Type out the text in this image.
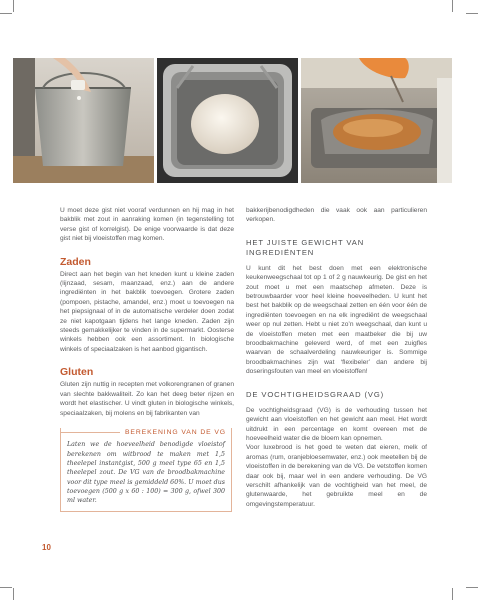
U moet deze gist niet vooraf verdunnen en hij mag in het bakblik met zout in aanraking komen (in tegenstelling tot verse gist of korrelgist). De enige voorwaarde is dat deze gist niet bij vloeistoffen mag komen.

Zaden

Direct aan het begin van het kneden kunt u kleine zaden (lijnzaad, sesam, maanzaad, enz.) aan de andere ingrediënten in het bakblik toevoegen. Grotere zaden (pompoen, pistache, amandel, enz.) moet u toevoegen na het piepsignaal of in de automatische verdeler doen zodat ze niet kapotgaan tijdens het lange kneden. Zaden zijn steeds gemakkelijker te vinden in de supermarkt. Oosterse winkels hebben ook een assortiment. In biologische winkels of speciaalzaken is het aanbod gigantisch.

Gluten

Gluten zijn nuttig in recepten met volkorengranen of granen van slechte bakkwaliteit. Zo kan het deeg beter rijzen en wordt het elastischer. U vindt gluten in biologische winkels, speciaalzaken, bij molens en bij fabrikanten van

BEREKENING VAN DE VG

Laten we de hoeveelheid benodigde vloeistof berekenen om witbrood te maken met 1,5 theelepel instantgist, 500 g meel type 65 en 1,5 theelepel zout. De VG van de broodbakmachine voor dit type meel is gemiddeld 60%. U moet dus toevoegen (500 g x 60 : 100) = 300 g, ofwel 300 ml water.

bakkerijbenodigdheden die vaak ook aan particulieren verkopen.

HET JUISTE GEWICHT VAN INGREDIËNTEN

U kunt dit het best doen met een elektronische keukenweegschaal tot op 1 of 2 g nauwkeurig. De gist en het zout moet u met een maatschep afmeten. Deze is betrouwbaarder voor heel kleine hoeveelheden. U kunt het best het bakblik op de weegschaal zetten en één voor één de ingrediënten toevoegen en na elk ingrediënt de weegschaal weer op nul zetten. Hebt u niet zo’n weegschaal, dan kunt u de vloeistoffen meten met een maatbeker die bij uw broodbakmachine geleverd werd, of met een zuigfles waarvan de schaalverdeling nauwkeuriger is. Sommige broodbakmachines zijn wat ‘flexibeler’ dan andere bij doseringsfouten van meel en vloeistoffen!

DE VOCHTIGHEIDSGRAAD (VG)

De vochtigheidsgraad (VG) is de verhouding tussen het gewicht aan vloeistoffen en het gewicht aan meel. Het wordt uitdrukt in een percentage en komt overeen met de hoeveelheid water die de bloem kan opnemen.

Voor luxebrood is het goed te weten dat eieren, melk of aromas (rum, oranjebloesemwater, enz.) ook meetellen bij de vloeistoffen in de berekening van de VG. De vetstoffen komen daar ook bij, maar wel in een andere verhouding. De VG verschilt afhankelijk van de vochtigheid van het meel, de glutenwaarde, het gebruikte meel en de omgevingstemperatuur.

10
